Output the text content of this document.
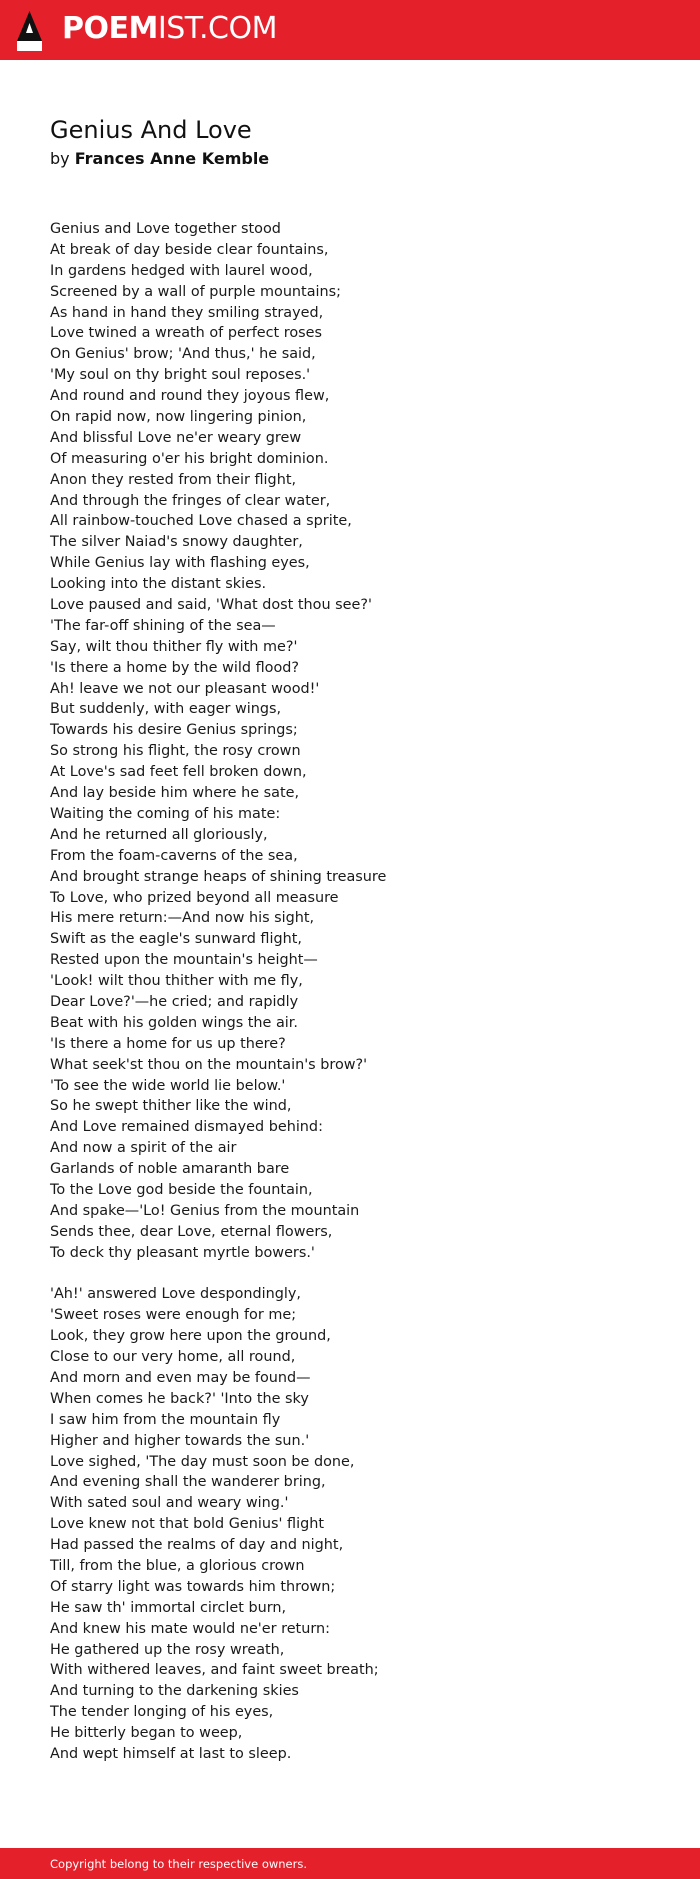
POEMIST.COM
Genius And Love
by Frances Anne Kemble
Genius and Love together stood
At break of day beside clear fountains,
In gardens hedged with laurel wood,
Screened by a wall of purple mountains;
As hand in hand they smiling strayed,
Love twined a wreath of perfect roses
On Genius' brow; 'And thus,' he said,
'My soul on thy bright soul reposes.'
And round and round they joyous flew,
On rapid now, now lingering pinion,
And blissful Love ne'er weary grew
Of measuring o'er his bright dominion.
Anon they rested from their flight,
And through the fringes of clear water,
All rainbow-touched Love chased a sprite,
The silver Naiad's snowy daughter,
While Genius lay with flashing eyes,
Looking into the distant skies.
Love paused and said, 'What dost thou see?'
'The far-off shining of the sea—
Say, wilt thou thither fly with me?'
'Is there a home by the wild flood?
Ah! leave we not our pleasant wood!'
But suddenly, with eager wings,
Towards his desire Genius springs;
So strong his flight, the rosy crown
At Love's sad feet fell broken down,
And lay beside him where he sate,
Waiting the coming of his mate:
And he returned all gloriously,
From the foam-caverns of the sea,
And brought strange heaps of shining treasure
To Love, who prized beyond all measure
His mere return:—And now his sight,
Swift as the eagle's sunward flight,
Rested upon the mountain's height—
'Look! wilt thou thither with me fly,
Dear Love?'—he cried; and rapidly
Beat with his golden wings the air.
'Is there a home for us up there?
What seek'st thou on the mountain's brow?'
'To see the wide world lie below.'
So he swept thither like the wind,
And Love remained dismayed behind:
And now a spirit of the air
Garlands of noble amaranth bare
To the Love god beside the fountain,
And spake—'Lo! Genius from the mountain
Sends thee, dear Love, eternal flowers,
To deck thy pleasant myrtle bowers.'
'Ah!' answered Love despondingly,
'Sweet roses were enough for me;
Look, they grow here upon the ground,
Close to our very home, all round,
And morn and even may be found—
When comes he back?' 'Into the sky
I saw him from the mountain fly
Higher and higher towards the sun.'
Love sighed, 'The day must soon be done,
And evening shall the wanderer bring,
With sated soul and weary wing.'
Love knew not that bold Genius' flight
Had passed the realms of day and night,
Till, from the blue, a glorious crown
Of starry light was towards him thrown;
He saw th' immortal circlet burn,
And knew his mate would ne'er return:
He gathered up the rosy wreath,
With withered leaves, and faint sweet breath;
And turning to the darkening skies
The tender longing of his eyes,
He bitterly began to weep,
And wept himself at last to sleep.
Copyright belong to their respective owners.
